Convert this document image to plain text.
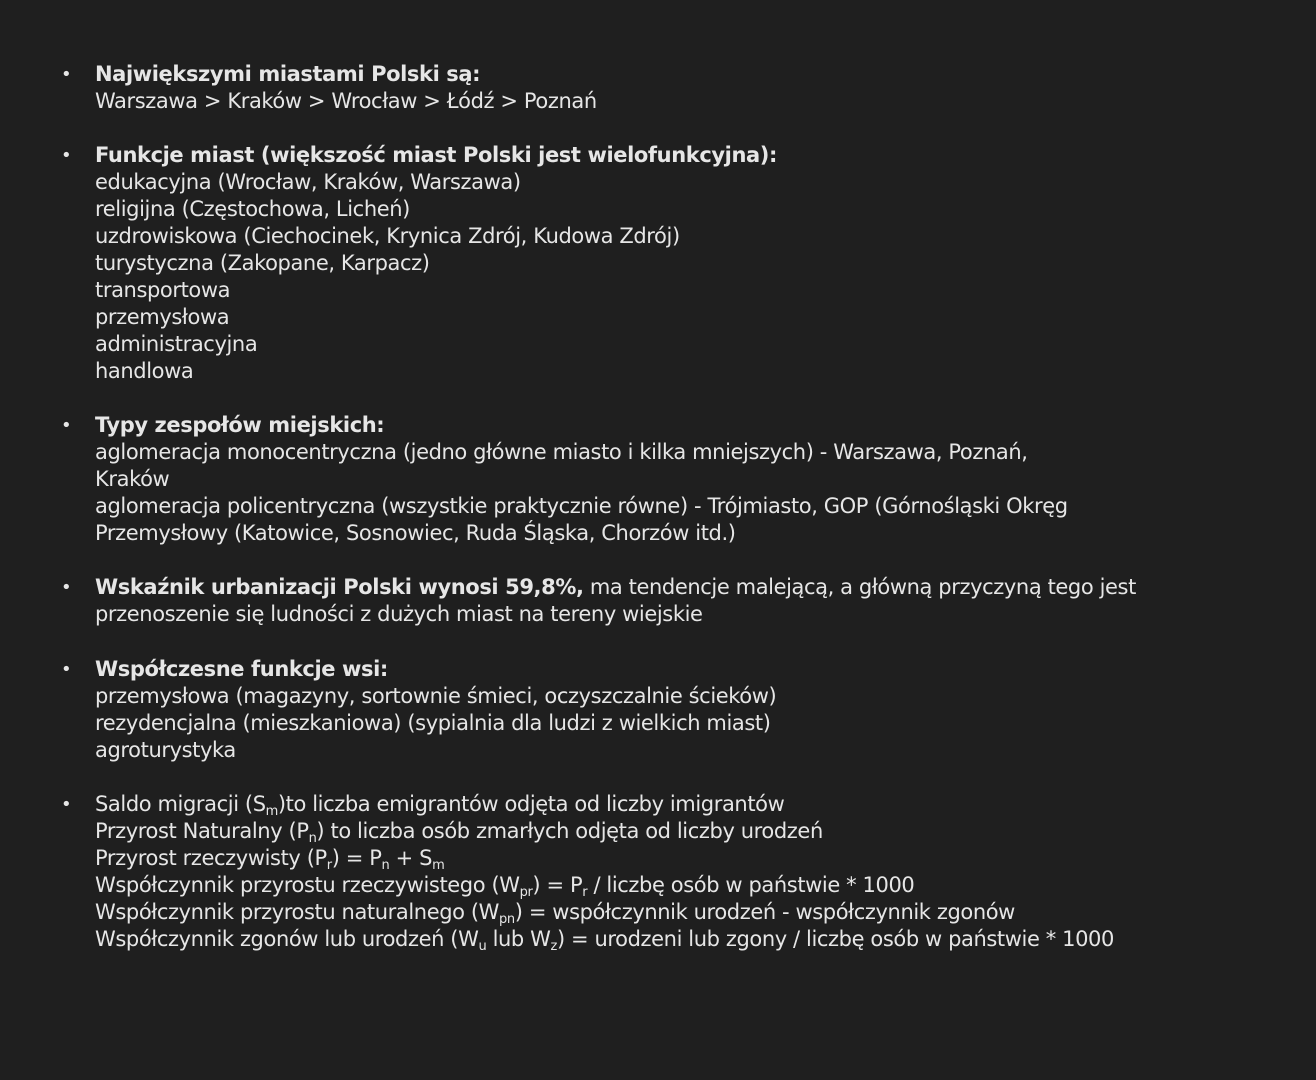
• Największymi miastami Polski są:
Warszawa > Kraków > Wrocław > Łódź > Poznań
• Funkcje miast (większość miast Polski jest wielofunkcyjna):
edukacyjna (Wrocław, Kraków, Warszawa)
religijna (Częstochowa, Licheń)
uzdrowiskowa (Ciechocinek, Krynica Zdrój, Kudowa Zdrój)
turystyczna (Zakopane, Karpacz)
transportowa
przemysłowa
administracyjna
handlowa
• Typy zespołów miejskich:
aglomeracja monocentryczna (jedno główne miasto i kilka mniejszych) - Warszawa, Poznań,
Kraków
aglomeracja policentryczna (wszystkie praktycznie równe) - Trójmiasto, GOP (Górnośląski Okręg
Przemysłowy (Katowice, Sosnowiec, Ruda Śląska, Chorzów itd.)
• Wskaźnik urbanizacji Polski wynosi 59,8%, ma tendencje malejącą, a główną przyczyną tego jest
przenoszenie się ludności z dużych miast na tereny wiejskie
• Współczesne funkcje wsi:
przemysłowa (magazyny, sortownie śmieci, oczyszczalnie ścieków)
rezydencjalna (mieszkaniowa) (sypialnia dla ludzi z wielkich miast)
agroturystyka
• Saldo migracji $(S_m)to$ liczba emigrantów odjęta od liczby imigrantów
Przyrost Naturalny $(P_n)$ to liczba osób zmarłych odjęta od liczby urodzeń
Przyrost rzeczywisty $(P_r) = P_n + S_m$
Współczynnik przyrostu rzeczywistego $(W_{pr}) = P_r$ / liczbę osób w państwie * 1000
Współczynnik przyrostu naturalnego $(W_{pn})$ = współczynnik urodzeń - współczynnik zgonów
Współczynnik zgonów lub urodzeń ($W_u$ lub $W_z$) = urodzeni lub zgony / liczbę osób w państwie * 1000
